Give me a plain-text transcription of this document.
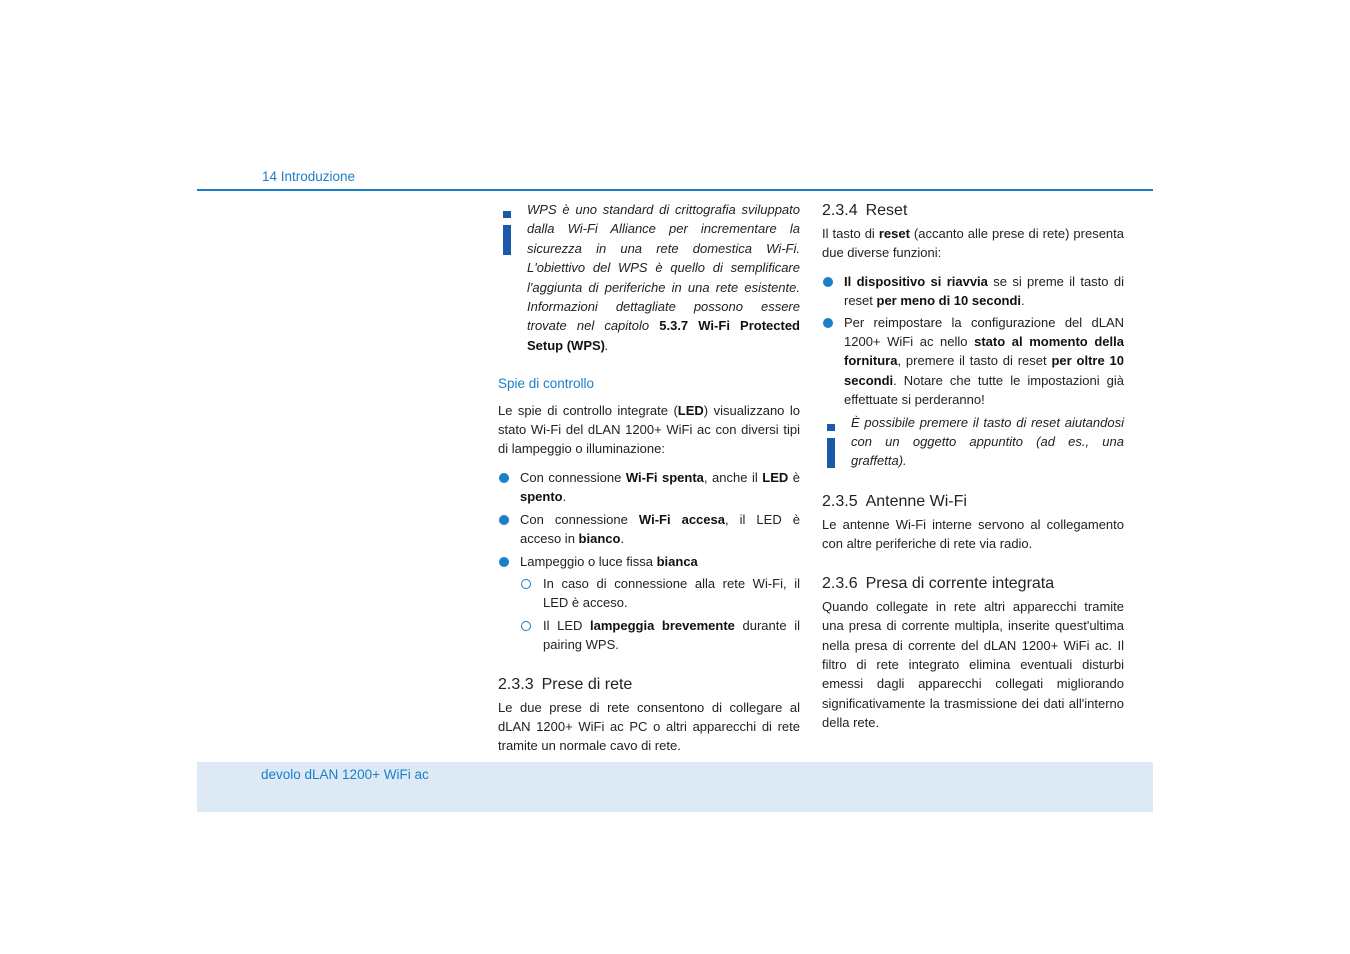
14 Introduzione

WPS è uno standard di crittografia sviluppato dalla Wi-Fi Alliance per incrementare la sicurezza in una rete domestica Wi-Fi. L'obiettivo del WPS è quello di semplificare l'aggiunta di periferiche in una rete esistente. Informazioni dettagliate possono essere trovate nel capitolo 5.3.7 Wi-Fi Protected Setup (WPS).

Spie di controllo

Le spie di controllo integrate (LED) visualizzano lo stato Wi-Fi del dLAN 1200+ WiFi ac con diversi tipi di lampeggio o illuminazione:

Con connessione Wi-Fi spenta, anche il LED è spento.
Con connessione Wi-Fi accesa, il LED è acceso in bianco.
Lampeggio o luce fissa bianca
In caso di connessione alla rete Wi-Fi, il LED è acceso.
Il LED lampeggia brevemente durante il pairing WPS.
2.3.3 Prese di rete

Le due prese di rete consentono di collegare al dLAN 1200+ WiFi ac PC o altri apparecchi di rete tramite un normale cavo di rete.

2.3.4 Reset

Il tasto di reset (accanto alle prese di rete) presenta due diverse funzioni:

Il dispositivo si riavvia se si preme il tasto di reset per meno di 10 secondi.
Per reimpostare la configurazione del dLAN 1200+ WiFi ac nello stato al momento della fornitura, premere il tasto di reset per oltre 10 secondi. Notare che tutte le impostazioni già effettuate si perderanno!

È possibile premere il tasto di reset aiutandosi con un oggetto appuntito (ad es., una graffetta).

2.3.5 Antenne Wi-Fi

Le antenne Wi-Fi interne servono al collegamento con altre periferiche di rete via radio.

2.3.6 Presa di corrente integrata

Quando collegate in rete altri apparecchi tramite una presa di corrente multipla, inserite quest'ultima nella presa di corrente del dLAN 1200+ WiFi ac. Il filtro di rete integrato elimina eventuali disturbi emessi dagli apparecchi collegati migliorando significativamente la trasmissione dei dati all'interno della rete.

devolo dLAN 1200+ WiFi ac
